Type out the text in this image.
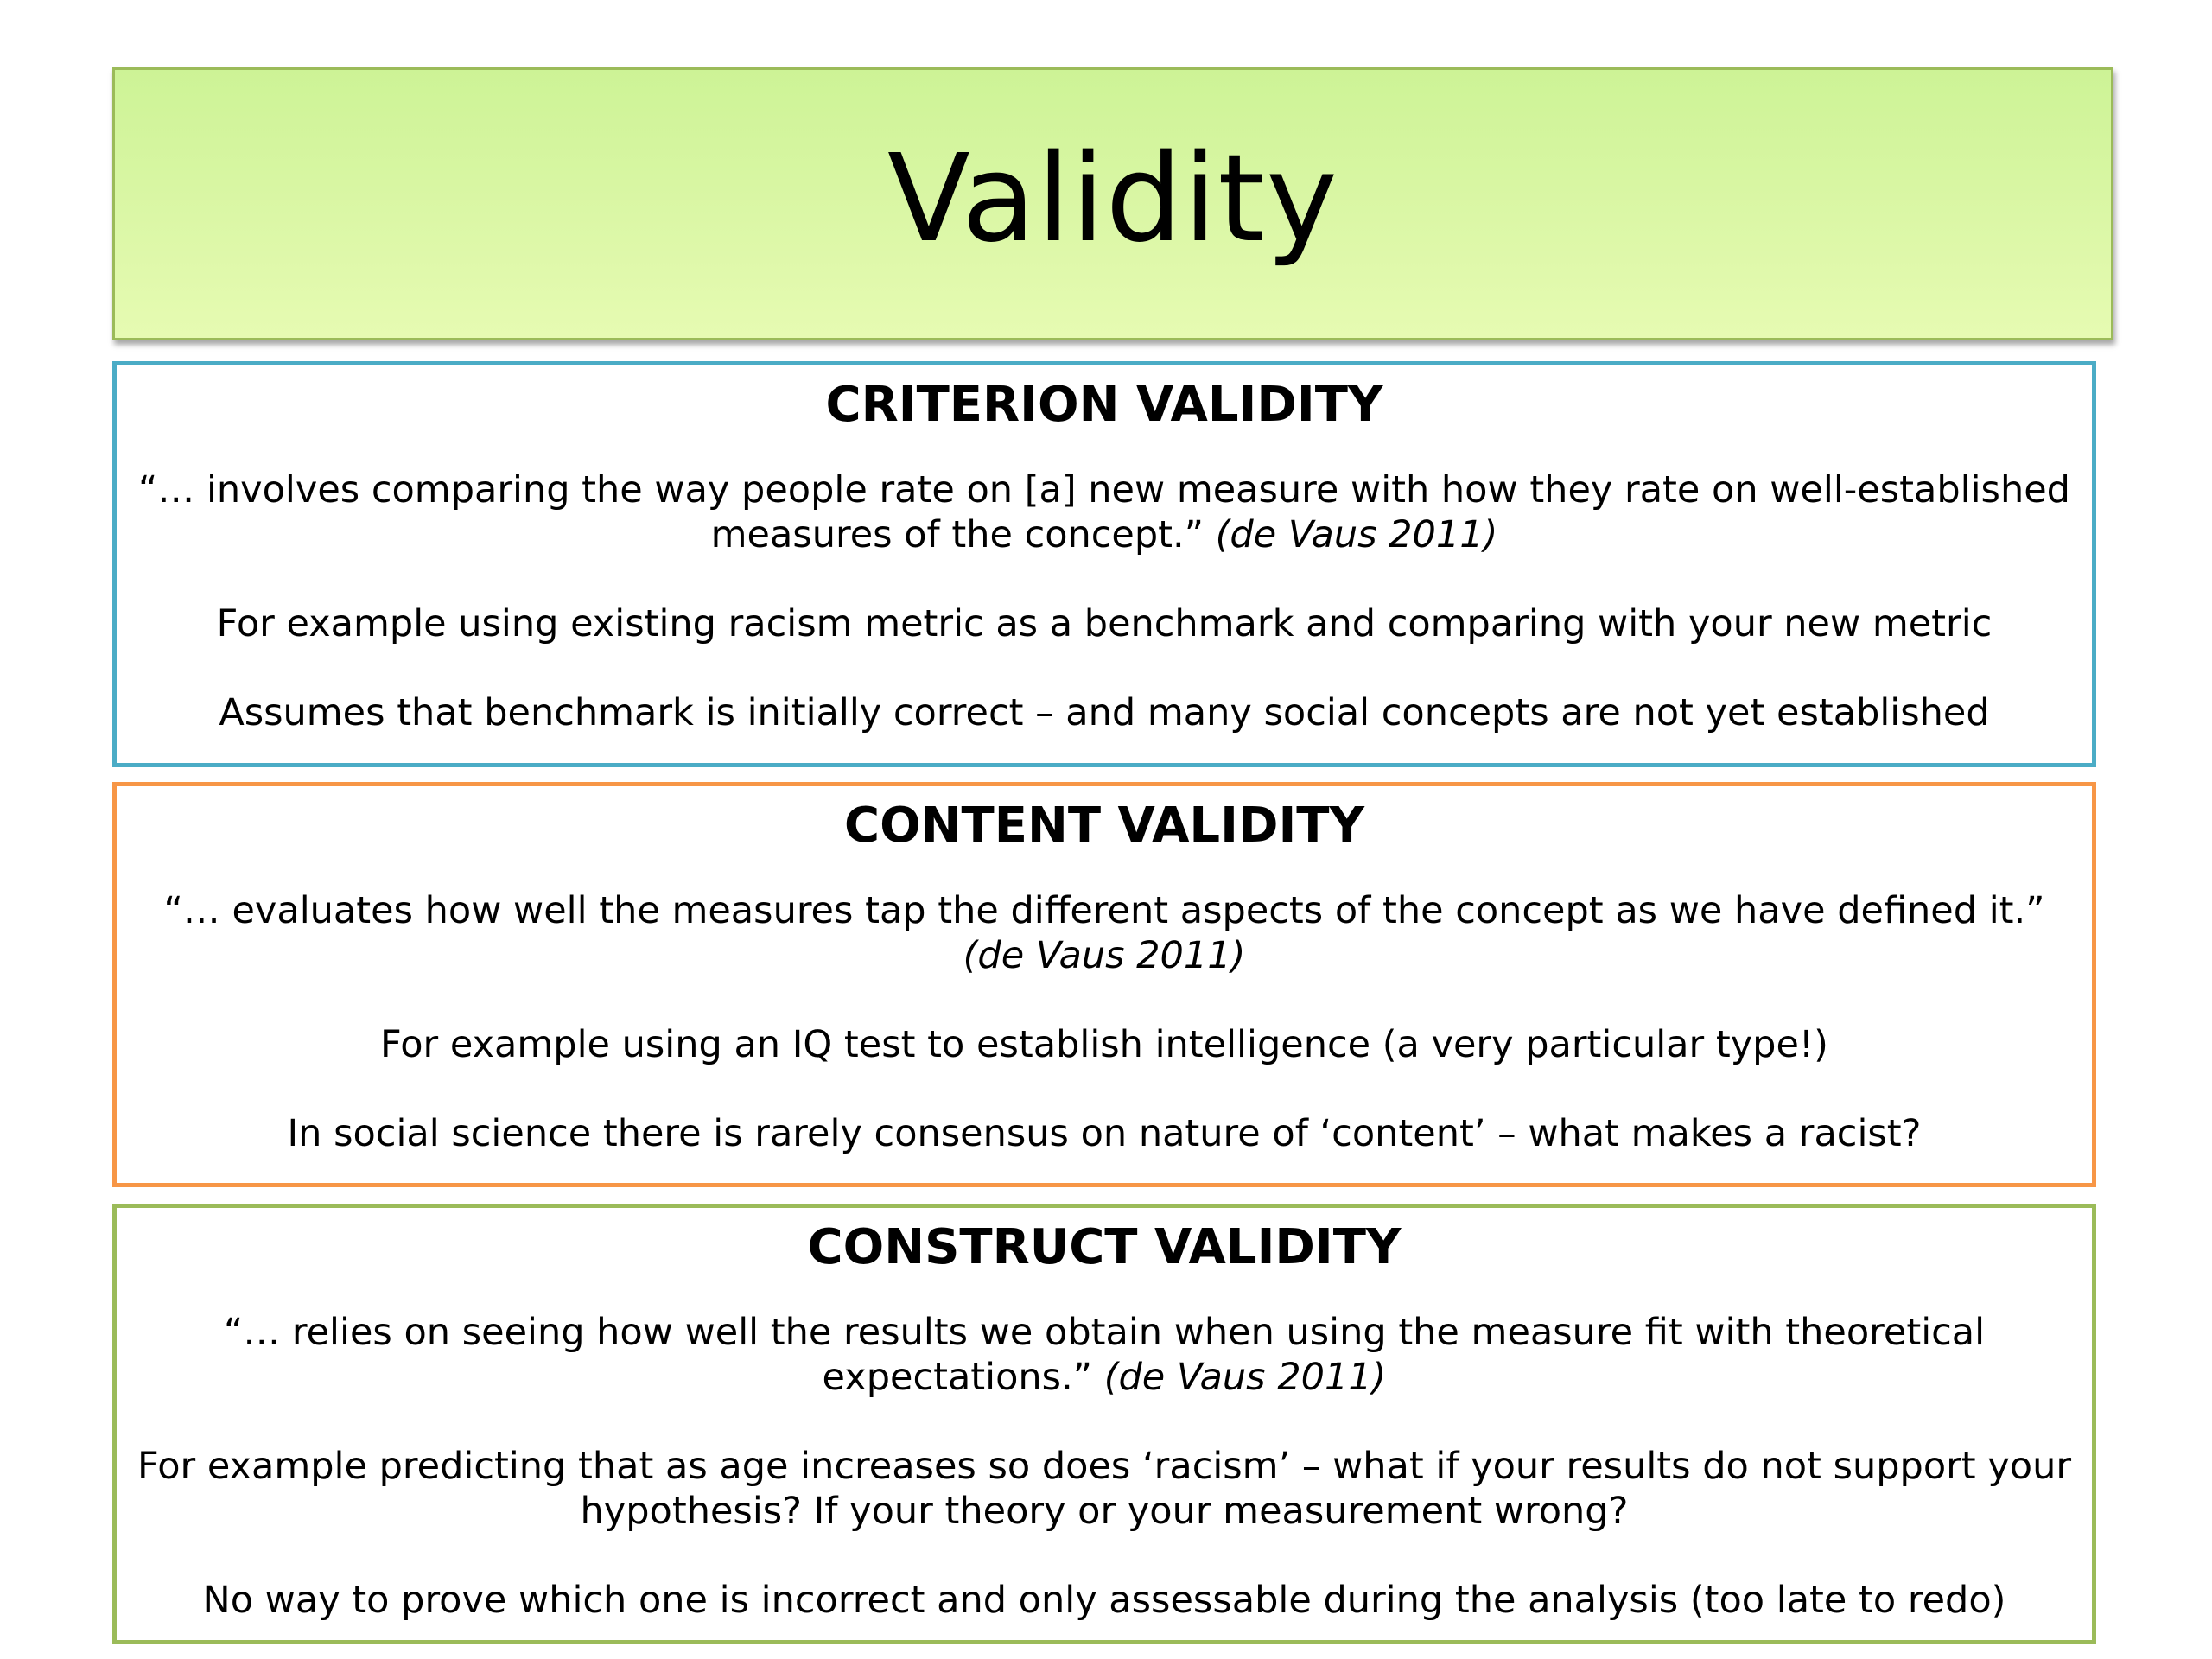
Validity
CRITERION VALIDITY

“… involves comparing the way people rate on [a] new measure with how they rate on well-established measures of the concept.” (de Vaus 2011)

For example using existing racism metric as a benchmark and comparing with your new metric

Assumes that benchmark is initially correct – and many social concepts are not yet established

CONTENT VALIDITY

“… evaluates how well the measures tap the different aspects of the concept as we have defined it.”
(de Vaus 2011)

For example using an IQ test to establish intelligence (a very particular type!)

In social science there is rarely consensus on nature of ‘content’ – what makes a racist?

CONSTRUCT VALIDITY

“… relies on seeing how well the results we obtain when using the measure fit with theoretical expectations.” (de Vaus 2011)

For example predicting that as age increases so does ‘racism’ – what if your results do not support your hypothesis? If your theory or your measurement wrong?

No way to prove which one is incorrect and only assessable during the analysis (too late to redo)
